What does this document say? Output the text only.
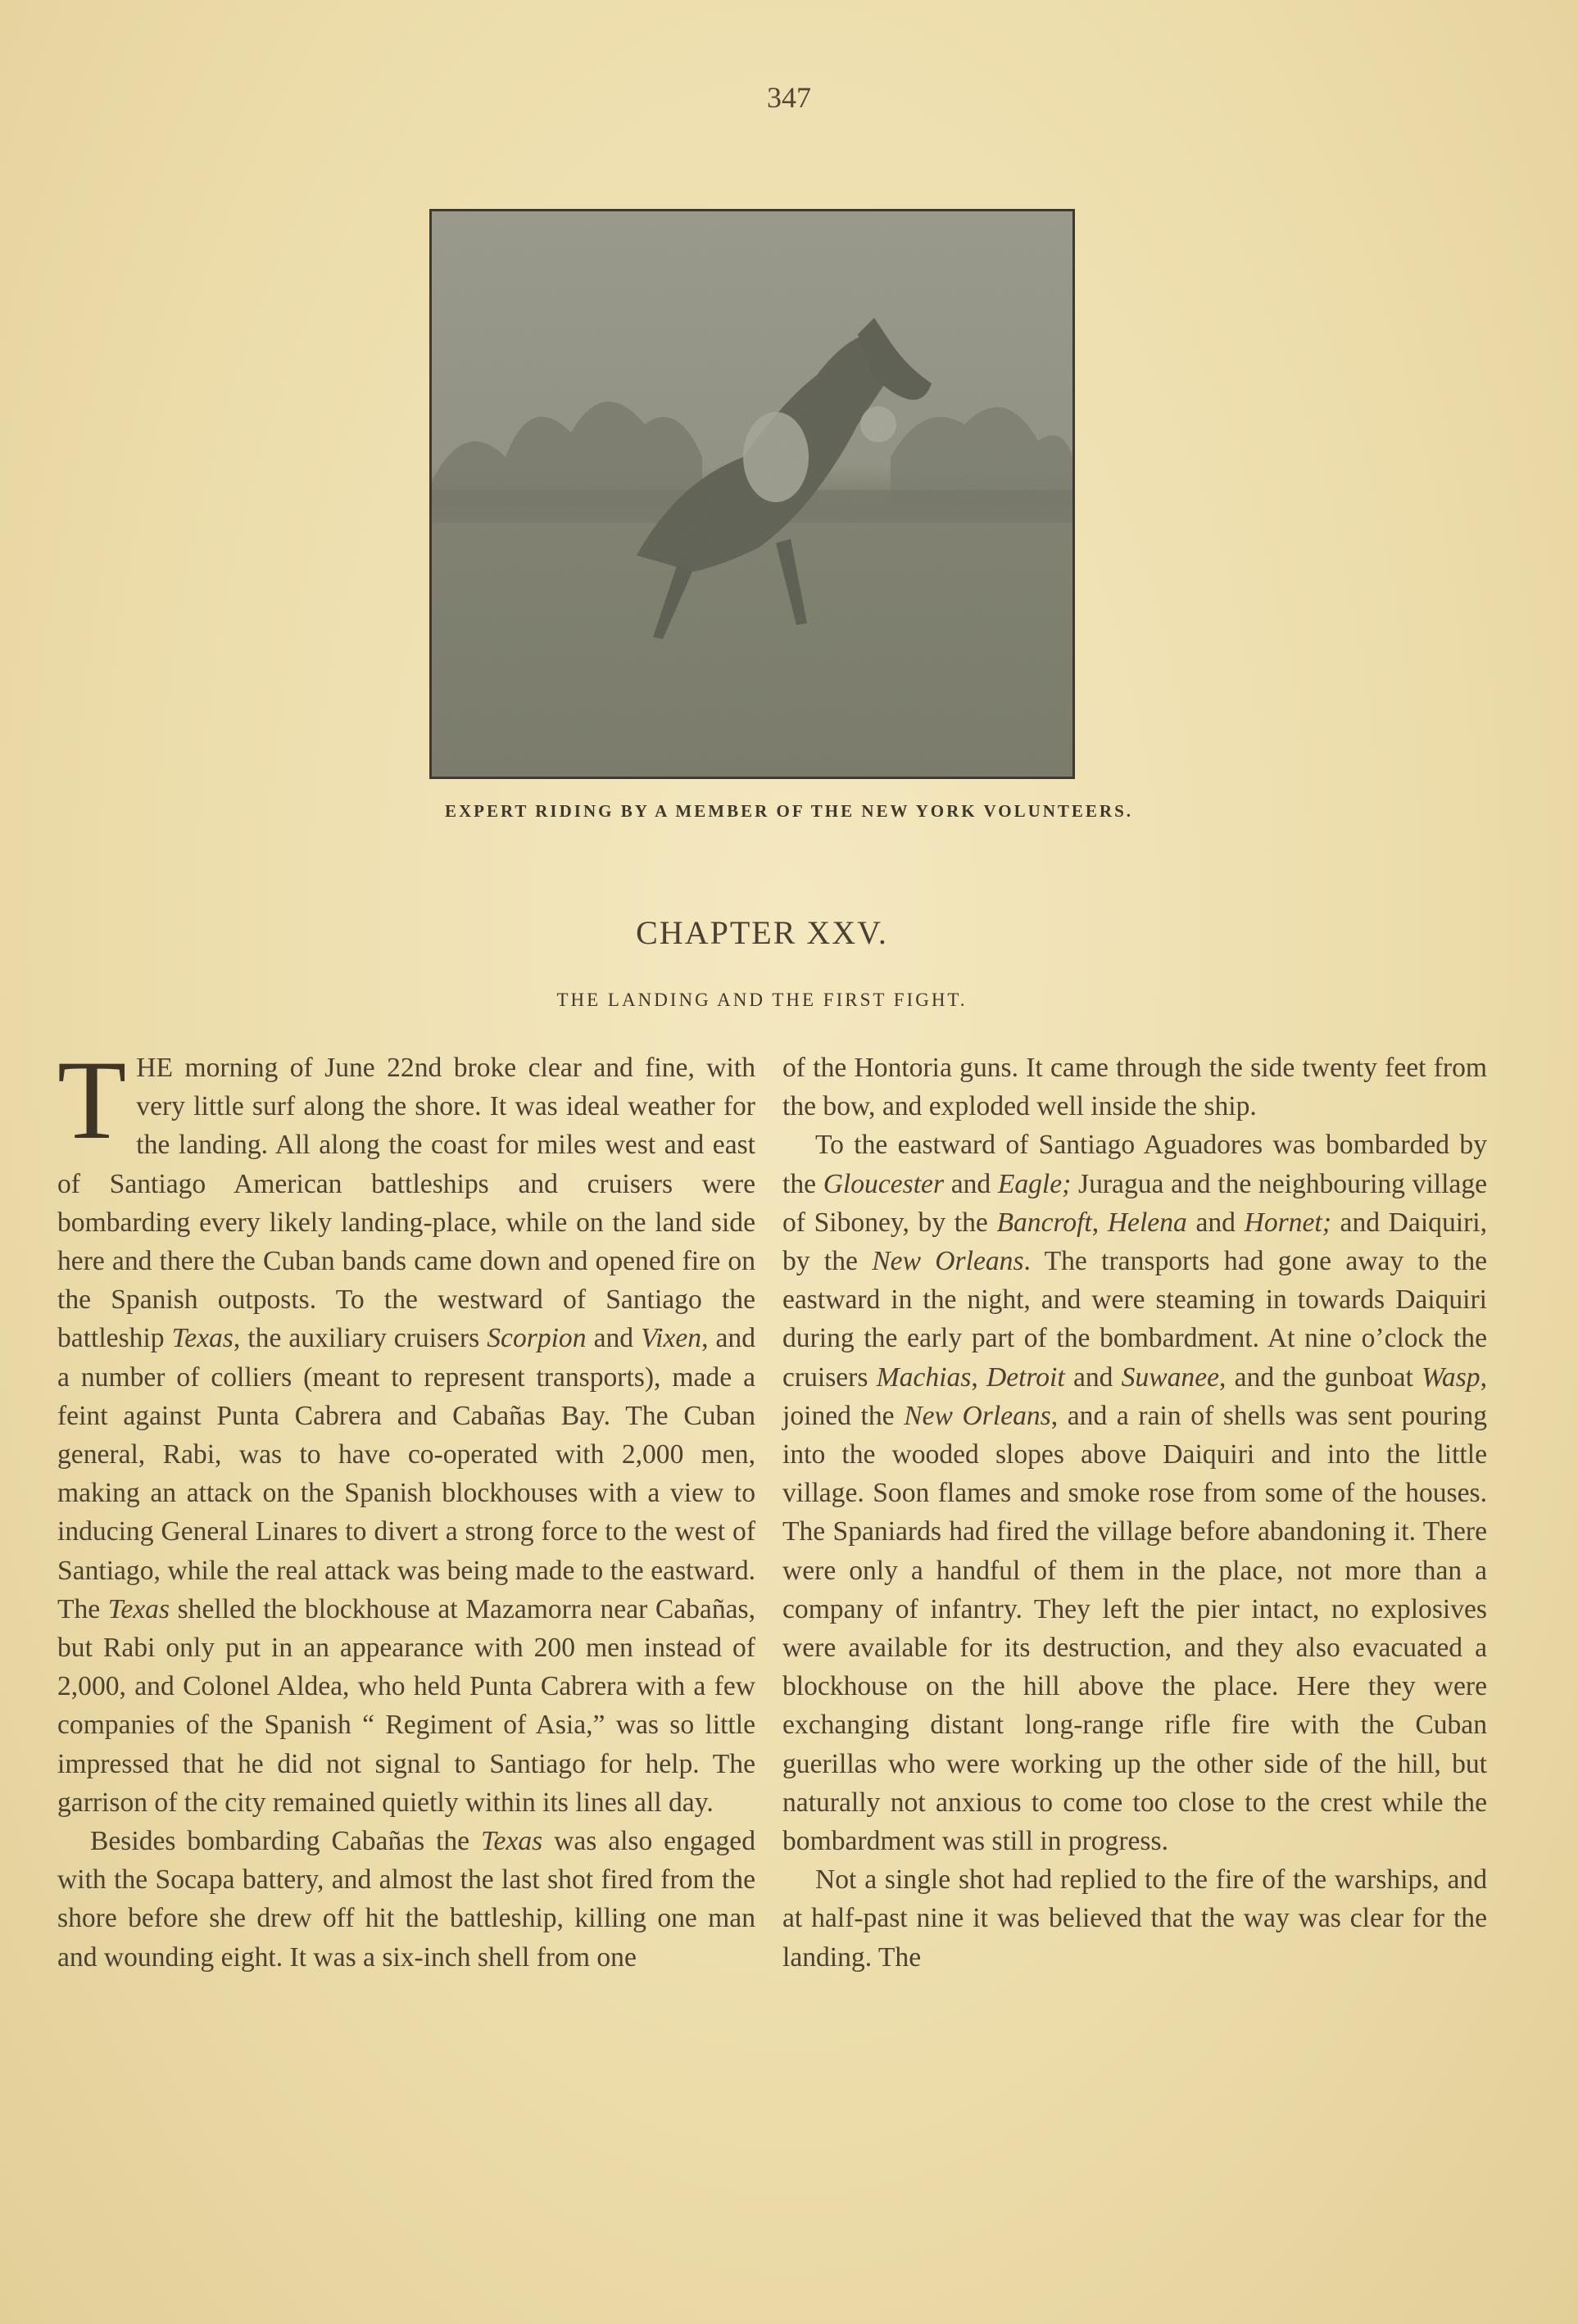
347
EXPERT RIDING BY A MEMBER OF THE NEW YORK VOLUNTEERS.
CHAPTER XXV.
THE LANDING AND THE FIRST FIGHT.

THE morning of June 22nd broke clear and fine, with very little surf along the shore. It was ideal weather for the landing. All along the coast for miles west and east of Santiago American battleships and cruisers were bombarding every likely landing-place, while on the land side here and there the Cuban bands came down and opened fire on the Spanish outposts. To the westward of Santiago the battleship Texas, the auxiliary cruisers Scorpion and Vixen, and a number of colliers (meant to represent transports), made a feint against Punta Cabrera and Cabañas Bay. The Cuban general, Rabi, was to have co-operated with 2,000 men, making an attack on the Spanish blockhouses with a view to inducing General Linares to divert a strong force to the west of Santiago, while the real attack was being made to the eastward. The Texas shelled the blockhouse at Mazamorra near Cabañas, but Rabi only put in an appearance with 200 men instead of 2,000, and Colonel Aldea, who held Punta Cabrera with a few companies of the Spanish “ Regiment of Asia,” was so little impressed that he did not signal to Santiago for help. The garrison of the city remained quietly within its lines all day.

Besides bombarding Cabañas the Texas was also engaged with the Socapa battery, and almost the last shot fired from the shore before she drew off hit the battleship, killing one man and wounding eight. It was a six-inch shell from one

of the Hontoria guns. It came through the side twenty feet from the bow, and exploded well inside the ship.

To the eastward of Santiago Aguadores was bombarded by the Gloucester and Eagle; Juragua and the neighbouring village of Siboney, by the Bancroft, Helena and Hornet; and Daiquiri, by the New Orleans. The transports had gone away to the eastward in the night, and were steaming in towards Daiquiri during the early part of the bombardment. At nine o’clock the cruisers Machias, Detroit and Suwanee, and the gunboat Wasp, joined the New Orleans, and a rain of shells was sent pouring into the wooded slopes above Daiquiri and into the little village. Soon flames and smoke rose from some of the houses. The Spaniards had fired the village before abandoning it. There were only a handful of them in the place, not more than a company of infantry. They left the pier intact, no explosives were available for its destruction, and they also evacuated a blockhouse on the hill above the place. Here they were exchanging distant long-range rifle fire with the Cuban guerillas who were working up the other side of the hill, but naturally not anxious to come too close to the crest while the bombardment was still in progress.

Not a single shot had replied to the fire of the warships, and at half-past nine it was believed that the way was clear for the landing. The
